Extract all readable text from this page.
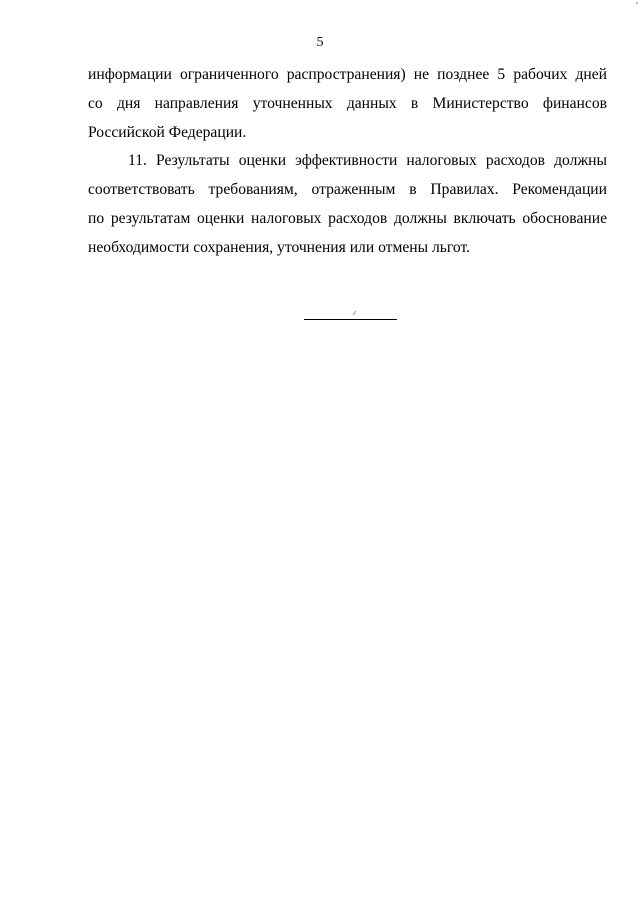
5
информации ограниченного распространения) не позднее 5 рабочих дней
со дня направления уточненных данных в Министерство финансов
Российской Федерации.
11. Результаты оценки эффективности налоговых расходов должны
соответствовать требованиям, отраженным в Правилах. Рекомендации
по результатам оценки налоговых расходов должны включать обоснование
необходимости сохранения, уточнения или отмены льгот.
